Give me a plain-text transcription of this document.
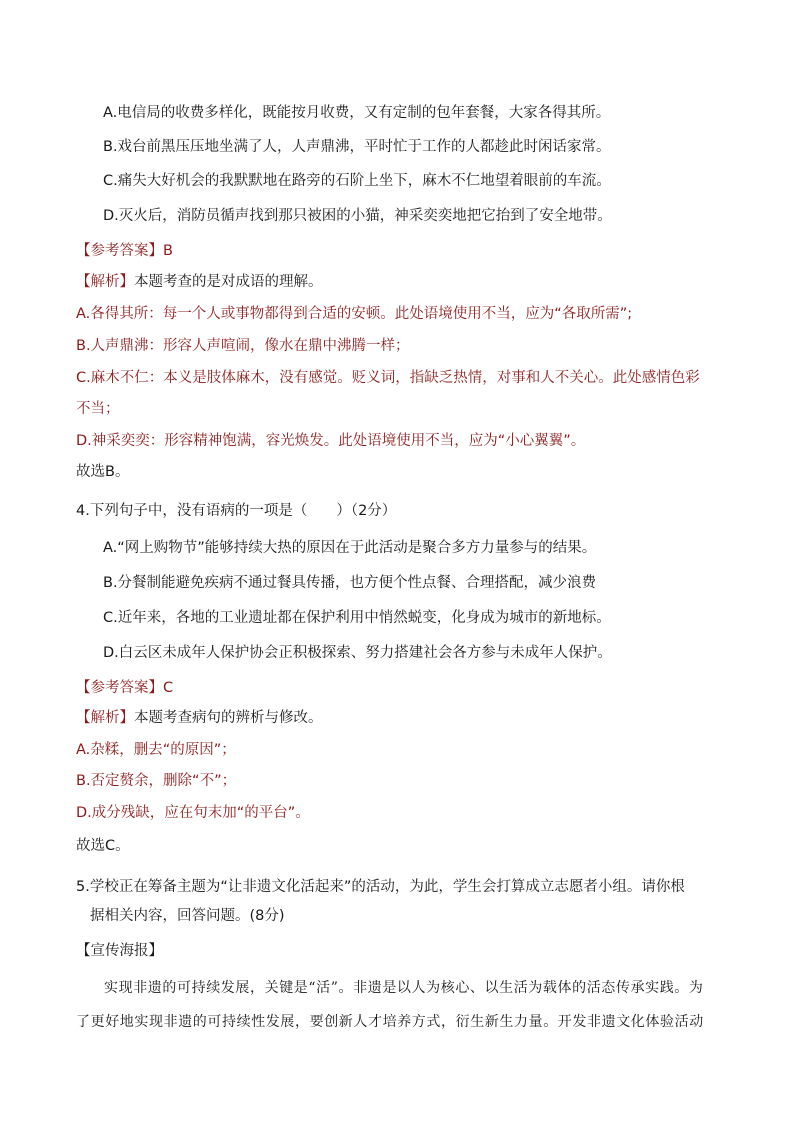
A.电信局的收费多样化，既能按月收费，又有定制的包年套餐，大家各得其所。
B.戏台前黑压压地坐满了人，人声鼎沸，平时忙于工作的人都趁此时闲话家常。
C.痛失大好机会的我默默地在路旁的石阶上坐下，麻木不仁地望着眼前的车流。
D.灭火后，消防员循声找到那只被困的小猫，神采奕奕地把它抬到了安全地带。
【参考答案】B
【解析】本题考查的是对成语的理解。
A.各得其所：每一个人或事物都得到合适的安顿。此处语境使用不当，应为“各取所需”;
B.人声鼎沸：形容人声喧闹，像水在鼎中沸腾一样；
C.麻木不仁：本义是肢体麻木，没有感觉。贬义词，指缺乏热情，对事和人不关心。此处感情色彩
不当；
D.神采奕奕：形容精神饱满，容光焕发。此处语境使用不当，应为“小心翼翼”。
故选B。
4.下列句子中，没有语病的一项是（　　）（2分）
A.“网上购物节”能够持续大热的原因在于此活动是聚合多方力量参与的结果。
B.分餐制能避免疾病不通过餐具传播，也方便个性点餐、合理搭配，减少浪费
C.近年来，各地的工业遗址都在保护利用中悄然蜕变，化身成为城市的新地标。
D.白云区未成年人保护协会正积极探索、努力搭建社会各方参与未成年人保护。
【参考答案】C
【解析】本题考查病句的辨析与修改。
A.杂糅，删去“的原因”；
B.否定赘余，删除“不”；
D.成分残缺，应在句末加“的平台”。
故选C。
5.学校正在筹备主题为“让非遗文化活起来”的活动，为此，学生会打算成立志愿者小组。请你根
据相关内容，回答问题。(8分)
【宣传海报】
实现非遗的可持续发展，关键是“活”。非遗是以人为核心、以生活为载体的活态传承实践。为
了更好地实现非遗的可持续性发展，要创新人才培养方式，衍生新生力量。开发非遗文化体验活动
